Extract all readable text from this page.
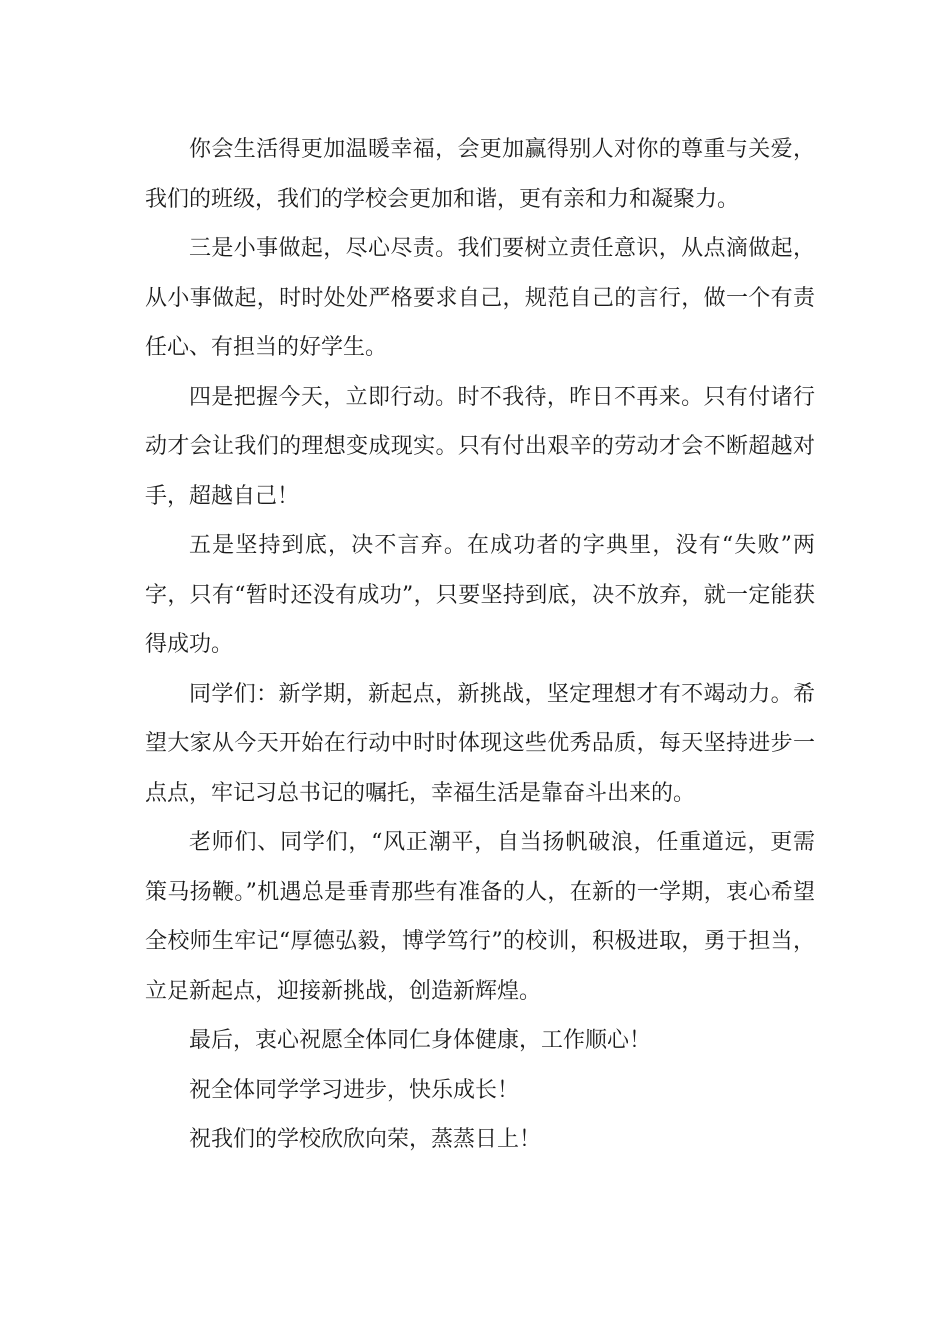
你会生活得更加温暖幸福，会更加赢得别人对你的尊重与关爱，我们的班级，我们的学校会更加和谐，更有亲和力和凝聚力。

三是小事做起，尽心尽责。我们要树立责任意识，从点滴做起，从小事做起，时时处处严格要求自己，规范自己的言行，做一个有责任心、有担当的好学生。

四是把握今天，立即行动。时不我待，昨日不再来。只有付诸行动才会让我们的理想变成现实。只有付出艰辛的劳动才会不断超越对手，超越自己！

五是坚持到底，决不言弃。在成功者的字典里，没有“失败”两字，只有“暂时还没有成功”，只要坚持到底，决不放弃，就一定能获得成功。

同学们：新学期，新起点，新挑战，坚定理想才有不竭动力。希望大家从今天开始在行动中时时体现这些优秀品质，每天坚持进步一点点，牢记习总书记的嘱托，幸福生活是靠奋斗出来的。

老师们、同学们，“风正潮平，自当扬帆破浪，任重道远，更需策马扬鞭。”机遇总是垂青那些有准备的人，在新的一学期，衷心希望全校师生牢记“厚德弘毅，博学笃行”的校训，积极进取，勇于担当，立足新起点，迎接新挑战，创造新辉煌。

最后，衷心祝愿全体同仁身体健康，工作顺心！

祝全体同学学习进步，快乐成长！

祝我们的学校欣欣向荣，蒸蒸日上！
